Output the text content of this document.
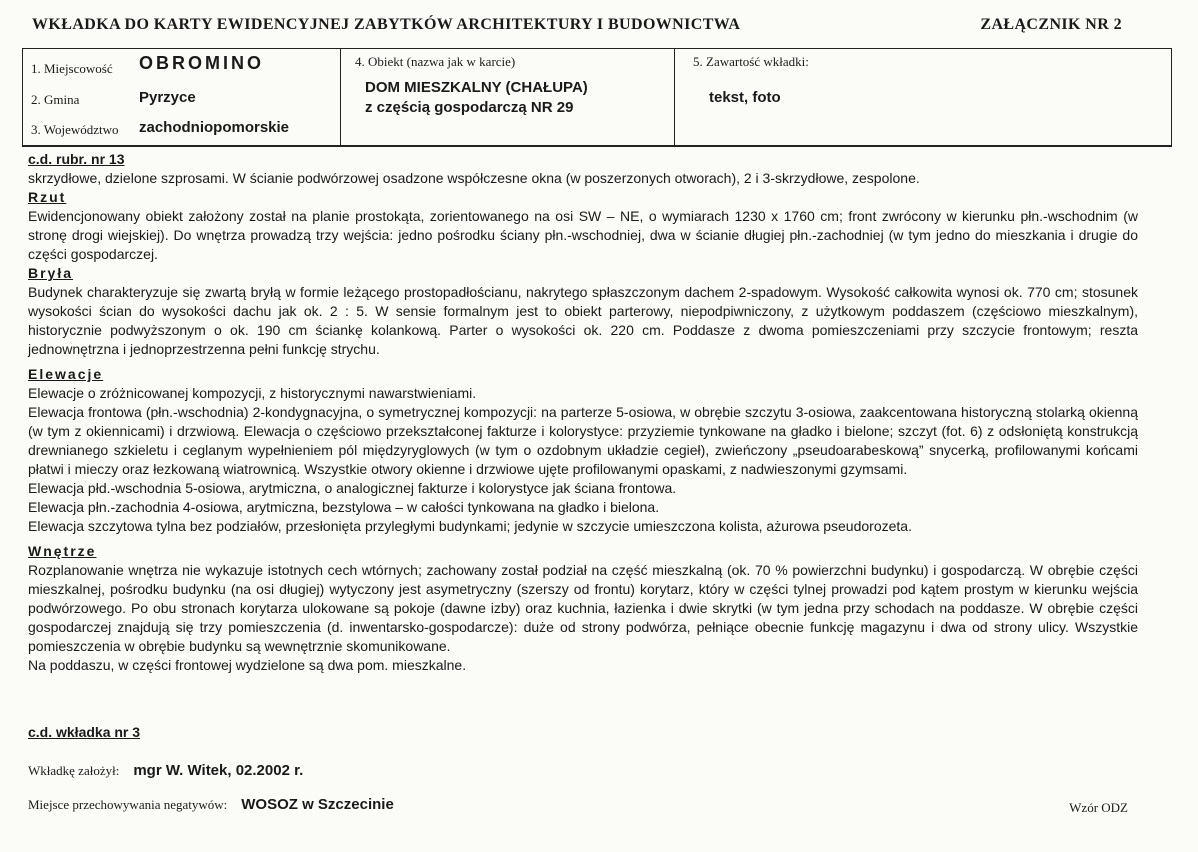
WKŁADKA DO KARTY EWIDENCYJNEJ ZABYTKÓW ARCHITEKTURY I BUDOWNICTWA	ZAŁĄCZNIK NR 2
1. Miejscowość OBROMINO
2. Gmina	Pyrzyce
3. Województwo zachodniopomorskie
4. Obiekt (nazwa jak w karcie)
DOM MIESZKALNY (CHAŁUPA)
z częścią gospodarczą NR 29
5. Zawartość wkładki:
tekst, foto

c.d. rubr. nr 13

skrzydłowe, dzielone szprosami. W ścianie podwórzowej osadzone współczesne okna (w poszerzonych otworach), 2 i 3-skrzydłowe, zespolone.

Rzut

Ewidencjonowany obiekt założony został na planie prostokąta, zorientowanego na osi SW – NE, o wymiarach 1230 x 1760 cm; front zwrócony w kierunku płn.-wschodnim (w stronę drogi wiejskiej). Do wnętrza prowadzą trzy wejścia: jedno pośrodku ściany płn.-wschodniej, dwa w ścianie długiej płn.-zachodniej (w tym jedno do mieszkania i drugie do części gospodarczej.

Bryła

Budynek charakteryzuje się zwartą bryłą w formie leżącego prostopadłościanu, nakrytego spłaszczonym dachem 2-spadowym. Wysokość całkowita wynosi ok. 770 cm; stosunek wysokości ścian do wysokości dachu jak ok. 2 : 5. W sensie formalnym jest to obiekt parterowy, niepodpiwniczony, z użytkowym poddaszem (częściowo mieszkalnym), historycznie podwyższonym o ok. 190 cm ściankę kolankową. Parter o wysokości ok. 220 cm. Poddasze z dwoma pomieszczeniami przy szczycie frontowym; reszta jednownętrzna i jednoprzestrzenna pełni funkcję strychu.

Elewacje

Elewacje o zróżnicowanej kompozycji, z historycznymi nawarstwieniami.

Elewacja frontowa (płn.-wschodnia) 2-kondygnacyjna, o symetrycznej kompozycji: na parterze 5-osiowa, w obrębie szczytu 3-osiowa, zaakcentowana historyczną stolarką okienną (w tym z okiennicami) i drzwiową. Elewacja o częściowo przekształconej fakturze i kolorystyce: przyziemie tynkowane na gładko i bielone; szczyt (fot. 6) z odsłoniętą konstrukcją drewnianego szkieletu i ceglanym wypełnieniem pól międzyryglowych (w tym o ozdobnym układzie cegieł), zwieńczony „pseudoarabeskową” snycerką, profilowanymi końcami płatwi i mieczy oraz łezkowaną wiatrownicą. Wszystkie otwory okienne i drzwiowe ujęte profilowanymi opaskami, z nadwieszonymi gzymsami.

Elewacja płd.-wschodnia 5-osiowa, arytmiczna, o analogicznej fakturze i kolorystyce jak ściana frontowa.

Elewacja płn.-zachodnia 4-osiowa, arytmiczna, bezstylowa – w całości tynkowana na gładko i bielona.

Elewacja szczytowa tylna bez podziałów, przesłonięta przyległymi budynkami; jedynie w szczycie umieszczona kolista, ażurowa pseudorozeta.

Wnętrze

Rozplanowanie wnętrza nie wykazuje istotnych cech wtórnych; zachowany został podział na część mieszkalną (ok. 70 % powierzchni budynku) i gospodarczą. W obrębie części mieszkalnej, pośrodku budynku (na osi długiej) wytyczony jest asymetryczny (szerszy od frontu) korytarz, który w części tylnej prowadzi pod kątem prostym w kierunku wejścia podwórzowego. Po obu stronach korytarza ulokowane są pokoje (dawne izby) oraz kuchnia, łazienka i dwie skrytki (w tym jedna przy schodach na poddasze. W obrębie części gospodarczej znajdują się trzy pomieszczenia (d. inwentarsko-gospodarcze): duże od strony podwórza, pełniące obecnie funkcję magazynu i dwa od strony ulicy. Wszystkie pomieszczenia w obrębie budynku są wewnętrznie skomunikowane.

Na poddaszu, w części frontowej wydzielone są dwa pom. mieszkalne.

c.d. wkładka nr 3
Wkładkę założył: mgr W. Witek, 02.2002 r.
Miejsce przechowywania negatywów: WOSOZ w Szczecinie	Wzór ODZ
